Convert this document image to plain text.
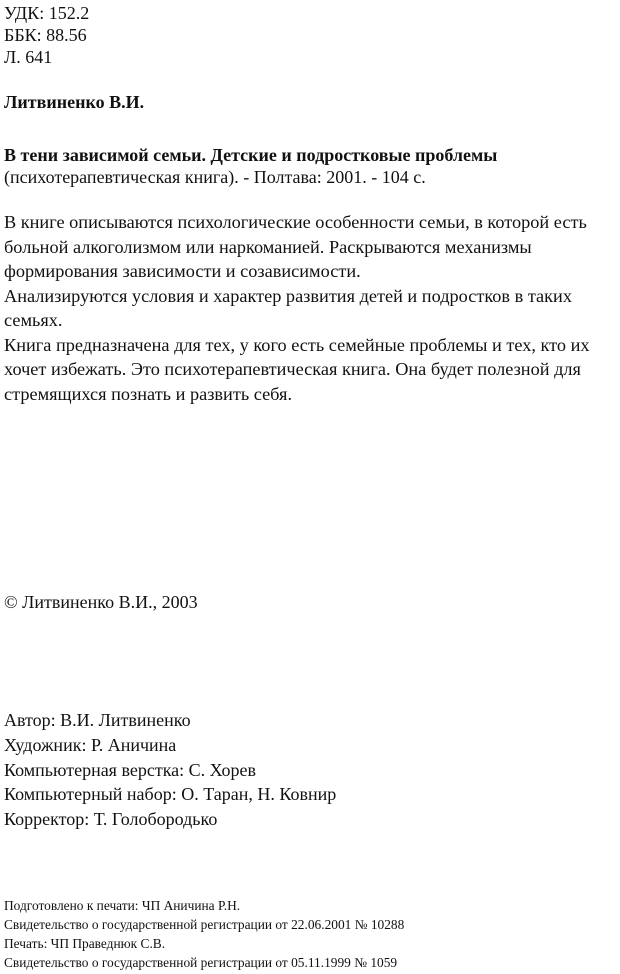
УДК: 152.2
ББК: 88.56
Л. 641
Литвиненко В.И.
В тени зависимой семьи. Детские и подростковые проблемы
(психотерапевтическая книга). - Полтава: 2001. - 104 с.

В книге описываются психологические особенности семьи, в которой есть больной алкоголизмом или наркоманией. Раскрываются механизмы формирования зависимости и созависимости.

Анализируются условия и характер развития детей и подростков в таких семьях.

Книга предназначена для тех, у кого есть семейные проблемы и тех, кто их хочет избежать. Это психотерапевтическая книга. Она будет полезной для стремящихся познать и развить себя.

© Литвиненко В.И., 2003
Автор: В.И. Литвиненко
Художник: Р. Аничина
Компьютерная верстка: С. Хорев
Компьютерный набор: О. Таран, Н. Ковнир
Корректор: Т. Голобородько
Подготовлено к печати: ЧП Аничина Р.Н.
Свидетельство о государственной регистрации от 22.06.2001 № 10288
Печать: ЧП Праведнюк С.В.
Свидетельство о государственной регистрации от 05.11.1999 № 1059
